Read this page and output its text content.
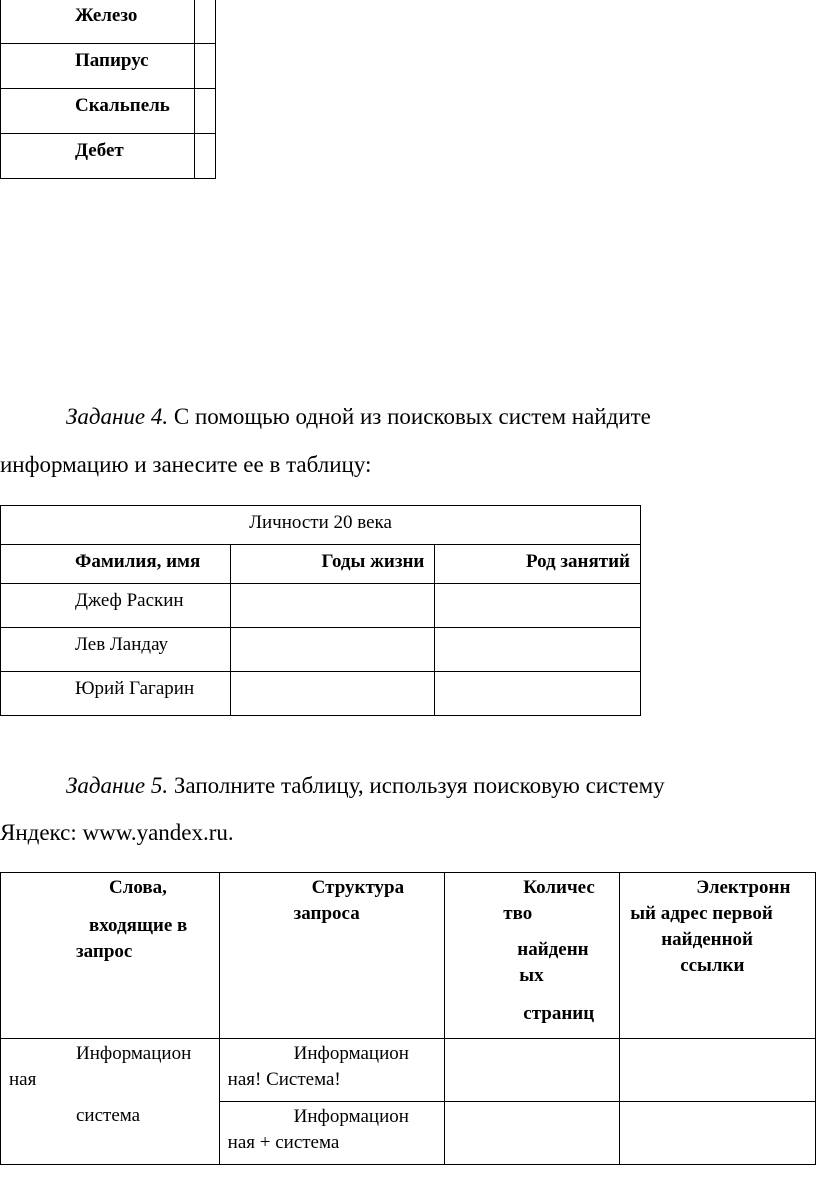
Железо	
Папирус	
Скальпель	
Дебет	

Задание 4. С помощью одной из поисковых систем найдите

информацию и занесите ее в таблицу:

Личности 20 века		
Фамилия, имя	Годы жизни	Род занятий
Джеф Раскин		
Лев Ландау		
Юрий Гагарин		

Задание 5. Заполните таблицу, используя поисковую систему

Яндекс: www.yandex.ru.

Слова,
входящие в
запрос	Структура
запроса	Количес
тво
найденн
ых
страниц	Электронн
ый адрес первой
найденной
ссылки

Информацион
ная
система	Информацион
ная! Система!		

	Информацион
ная + система		
